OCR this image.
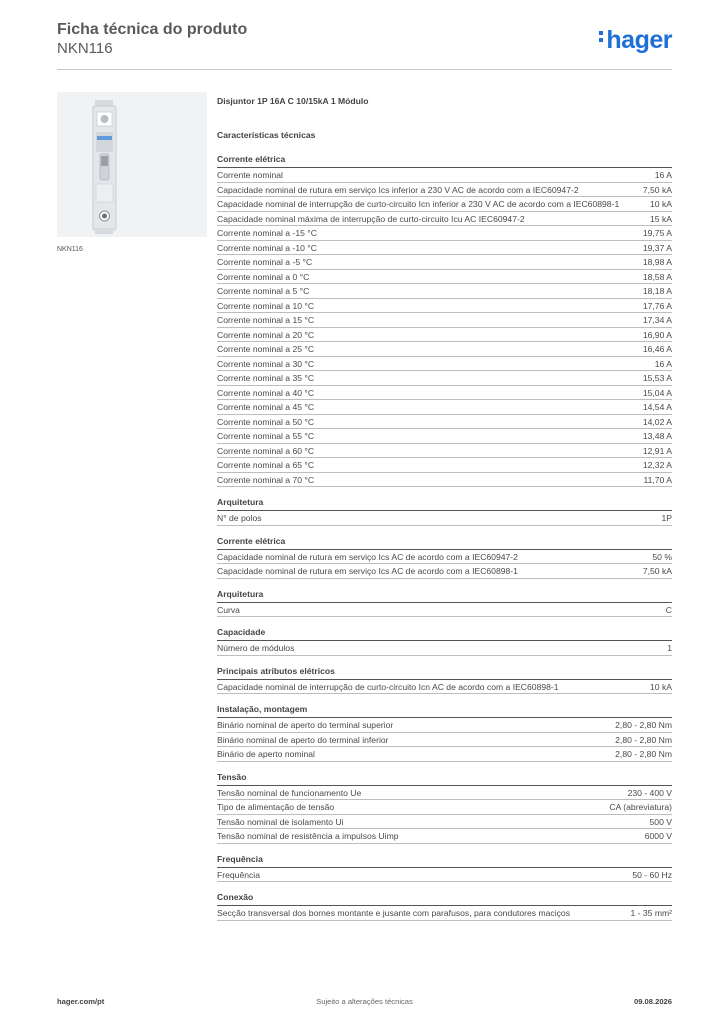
Ficha técnica do produto
NKN116	hager
NKN116
Disjuntor 1P 16A C 10/15kA 1 Módulo
Características técnicas
Corrente elétrica
Corrente nominal	16 A
Capacidade nominal de rutura em serviço Ics inferior a 230 V AC de acordo com a IEC60947-2	7,50 kA
Capacidade nominal de interrupção de curto-circuito Icn inferior a 230 V AC de acordo com a IEC60898-1	10 kA
Capacidade nominal máxima de interrupção de curto-circuito Icu AC IEC60947-2	15 kA
Corrente nominal a -15 °C	19,75 A
Corrente nominal a -10 °C	19,37 A
Corrente nominal a -5 °C	18,98 A
Corrente nominal a 0 °C	18,58 A
Corrente nominal a 5 °C	18,18 A
Corrente nominal a 10 °C	17,76 A
Corrente nominal a 15 °C	17,34 A
Corrente nominal a 20 °C	16,90 A
Corrente nominal a 25 °C	16,46 A
Corrente nominal a 30 °C	16 A
Corrente nominal a 35 °C	15,53 A
Corrente nominal a 40 °C	15,04 A
Corrente nominal a 45 °C	14,54 A
Corrente nominal a 50 °C	14,02 A
Corrente nominal a 55 °C	13,48 A
Corrente nominal a 60 °C	12,91 A
Corrente nominal a 65 °C	12,32 A
Corrente nominal a 70 °C	11,70 A
Arquitetura
N° de polos	1P
Corrente elétrica
Capacidade nominal de rutura em serviço Ics AC de acordo com a IEC60947-2	50 %
Capacidade nominal de rutura em serviço Ics AC de acordo com a IEC60898-1	7,50 kA
Arquitetura
Curva	C
Capacidade
Número de módulos	1
Principais atributos elétricos
Capacidade nominal de interrupção de curto-circuito Icn AC de acordo com a IEC60898-1	10 kA
Instalação, montagem
Binário nominal de aperto do terminal superior	2,80 - 2,80 Nm
Binário nominal de aperto do terminal inferior	2,80 - 2,80 Nm
Binário de aperto nominal	2,80 - 2,80 Nm
Tensão
Tensão nominal de funcionamento Ue	230 - 400 V
Tipo de alimentação de tensão	CA (abreviatura)
Tensão nominal de isolamento Ui	500 V
Tensão nominal de resistência a impulsos Uimp	6000 V
Frequência
Frequência	50 - 60 Hz
Conexão
Secção transversal dos bornes montante e jusante com parafusos, para condutores maciços	1 - 35 mm²
hager.com/pt	Sujeito a alterações técnicas	09.08.2026
